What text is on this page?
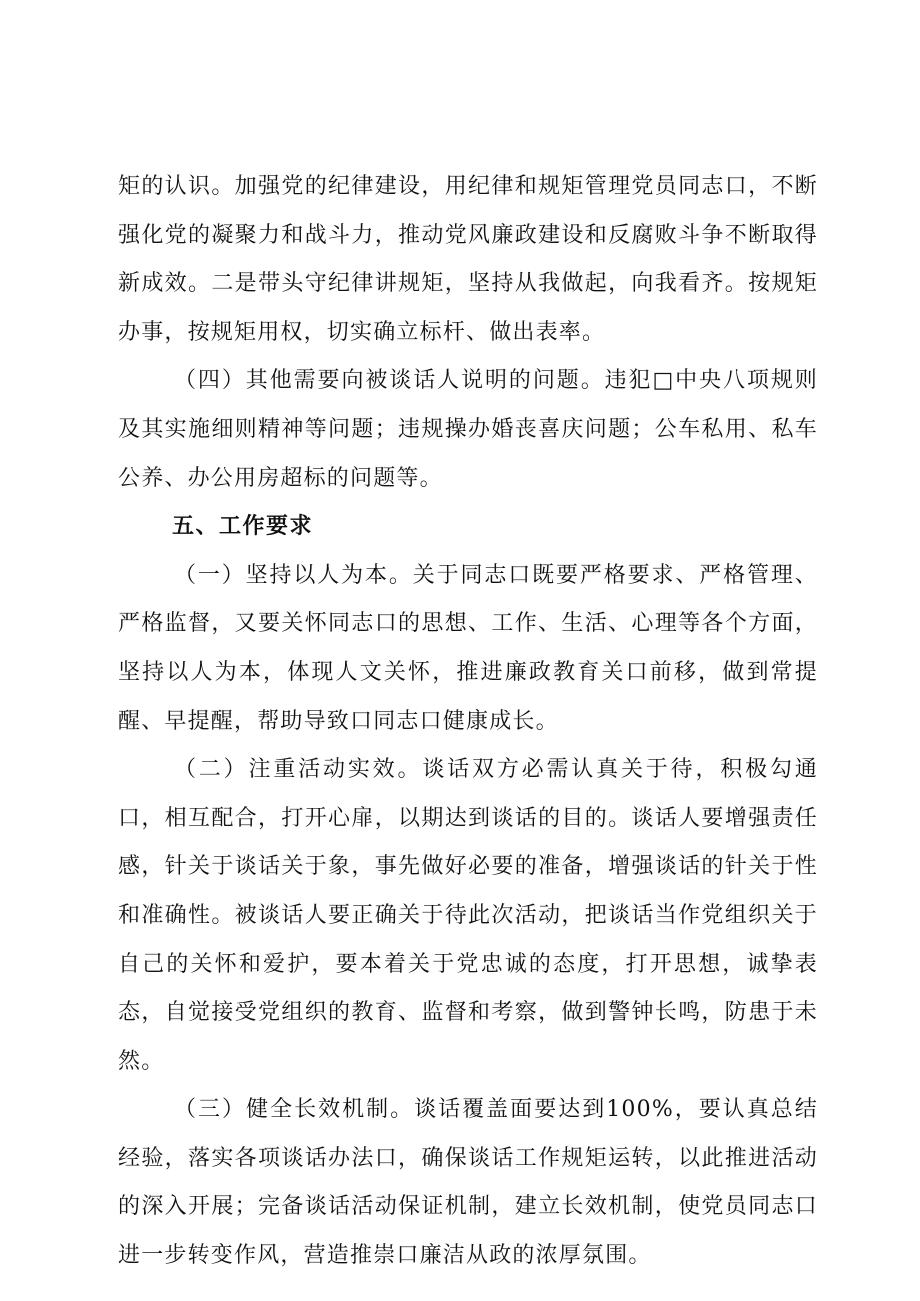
矩的认识。加强党的纪律建设，用纪律和规矩管理党员同志口，不断强化党的凝聚力和战斗力，推动党风廉政建设和反腐败斗争不断取得新成效。二是带头守纪律讲规矩，坚持从我做起，向我看齐。按规矩办事，按规矩用权，切实确立标杆、做出表率。

（四）其他需要向被谈话人说明的问题。违犯□中央八项规则及其实施细则精神等问题；违规操办婚丧喜庆问题；公车私用、私车公养、办公用房超标的问题等。

五、工作要求

（一）坚持以人为本。关于同志口既要严格要求、严格管理、严格监督，又要关怀同志口的思想、工作、生活、心理等各个方面，坚持以人为本，体现人文关怀，推进廉政教育关口前移，做到常提醒、早提醒，帮助导致口同志口健康成长。

（二）注重活动实效。谈话双方必需认真关于待，积极勾通口，相互配合，打开心扉，以期达到谈话的目的。谈话人要增强责任感，针关于谈话关于象，事先做好必要的准备，增强谈话的针关于性和准确性。被谈话人要正确关于待此次活动，把谈话当作党组织关于自己的关怀和爱护，要本着关于党忠诚的态度，打开思想，诚挚表态，自觉接受党组织的教育、监督和考察，做到警钟长鸣，防患于未然。

（三）健全长效机制。谈话覆盖面要达到100%，要认真总结经验，落实各项谈话办法口，确保谈话工作规矩运转，以此推进活动的深入开展；完备谈话活动保证机制，建立长效机制，使党员同志口进一步转变作风，营造推崇口廉洁从政的浓厚氛围。
